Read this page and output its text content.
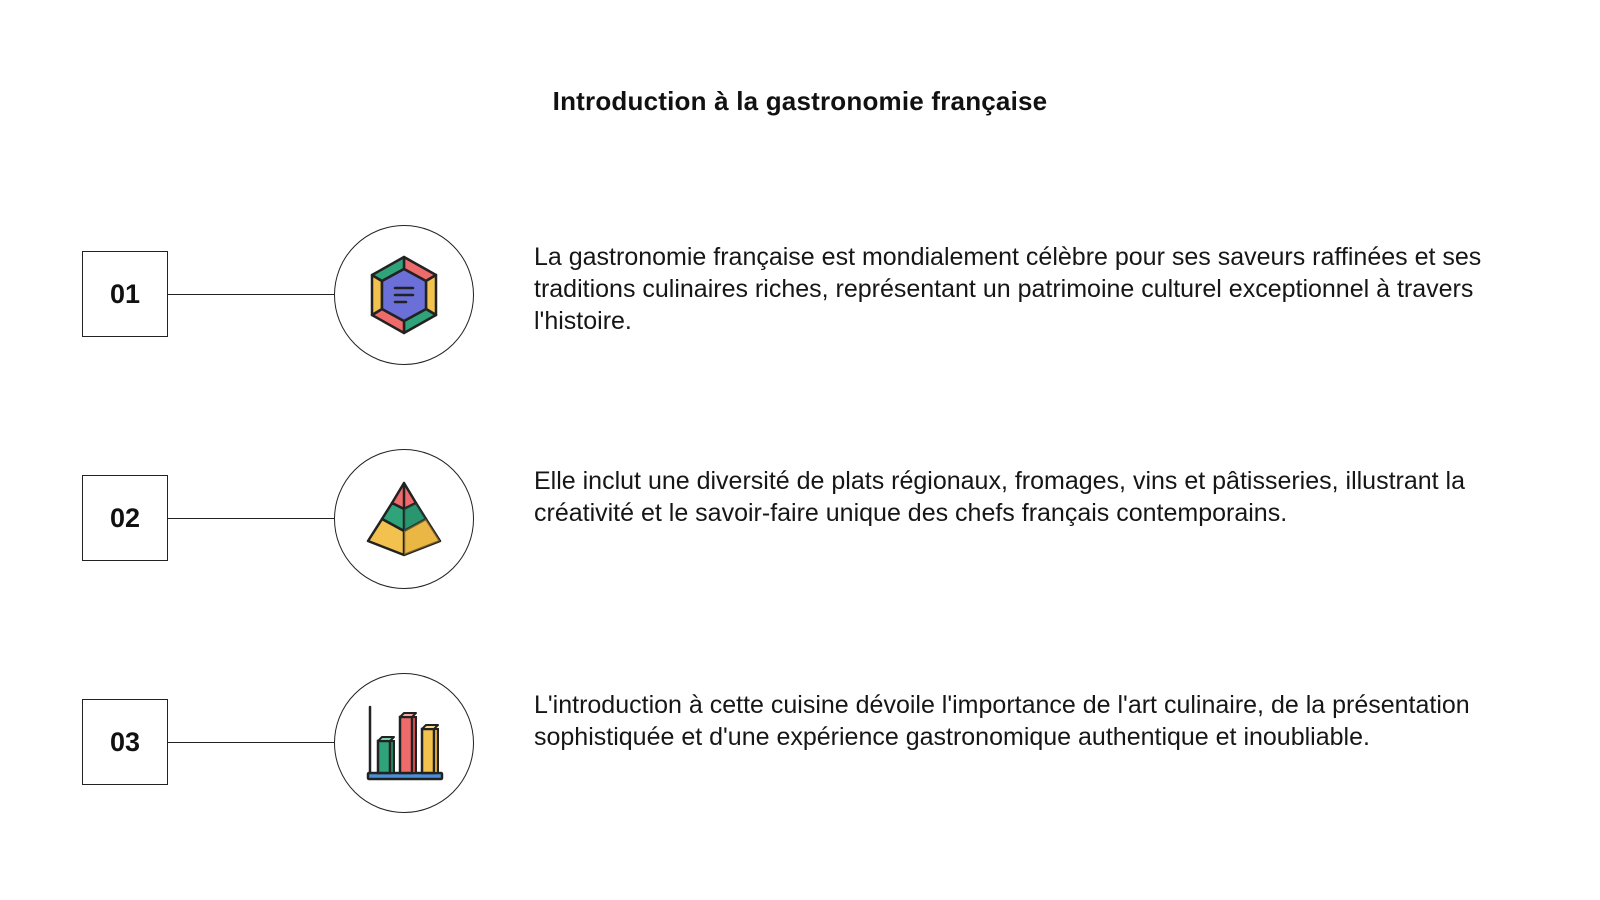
Introduction à la gastronomie française
01
La gastronomie française est mondialement célèbre pour ses saveurs raffinées et ses traditions culinaires riches, représentant un patrimoine culturel exceptionnel à travers l'histoire.
02
Elle inclut une diversité de plats régionaux, fromages, vins et pâtisseries, illustrant la créativité et le savoir-faire unique des chefs français contemporains.
03
L'introduction à cette cuisine dévoile l'importance de l'art culinaire, de la présentation sophistiquée et d'une expérience gastronomique authentique et inoubliable.
